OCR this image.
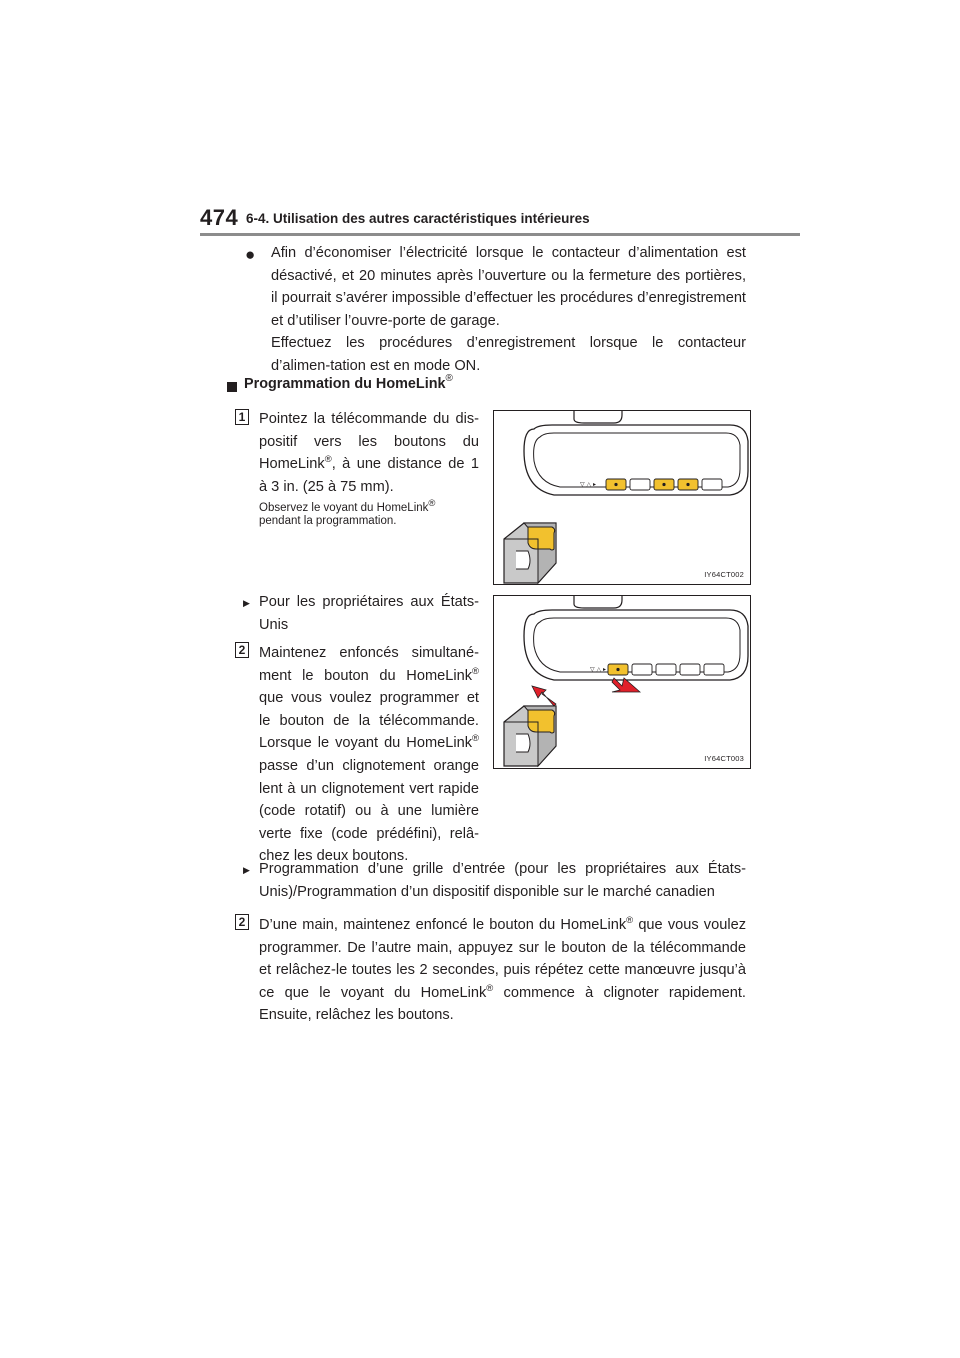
474 6-4. Utilisation des autres caractéristiques intérieures
● Afin d’économiser l’électricité lorsque le contacteur d’alimentation est désactivé, et 20 minutes après l’ouverture ou la fermeture des portières, il pourrait s’avérer impossible d’effectuer les procédures d’enregistrement et d’utiliser l’ouvre-porte de garage.
Effectuez les procédures d’enregistrement lorsque le contacteur d’alimen-tation est en mode ON.
Programmation du HomeLink®
1 Pointez la télécommande du dis-positif vers les boutons du HomeLink®, à une distance de 1 à 3 in. (25 à 75 mm).
Observez le voyant du HomeLink®
pendant la programmation.
▽ △ ▸
IY64CT002
▶ Pour les propriétaires aux États-Unis
2 Maintenez enfoncés simultané-ment le bouton du HomeLink® que vous voulez programmer et le bouton de la télécommande. Lorsque le voyant du HomeLink® passe d’un clignotement orange lent à un clignotement vert rapide (code rotatif) ou à une lumière verte fixe (code prédéfini), relâ-chez les deux boutons.
▽ △ ▸
IY64CT003
▶ Programmation d’une grille d’entrée (pour les propriétaires aux États-Unis)/Programmation d’un dispositif disponible sur le marché canadien
2 D’une main, maintenez enfoncé le bouton du HomeLink® que vous voulez programmer. De l’autre main, appuyez sur le bouton de la télécommande et relâchez-le toutes les 2 secondes, puis répétez cette manœuvre jusqu’à ce que le voyant du HomeLink® commence à clignoter rapidement. Ensuite, relâchez les boutons.
